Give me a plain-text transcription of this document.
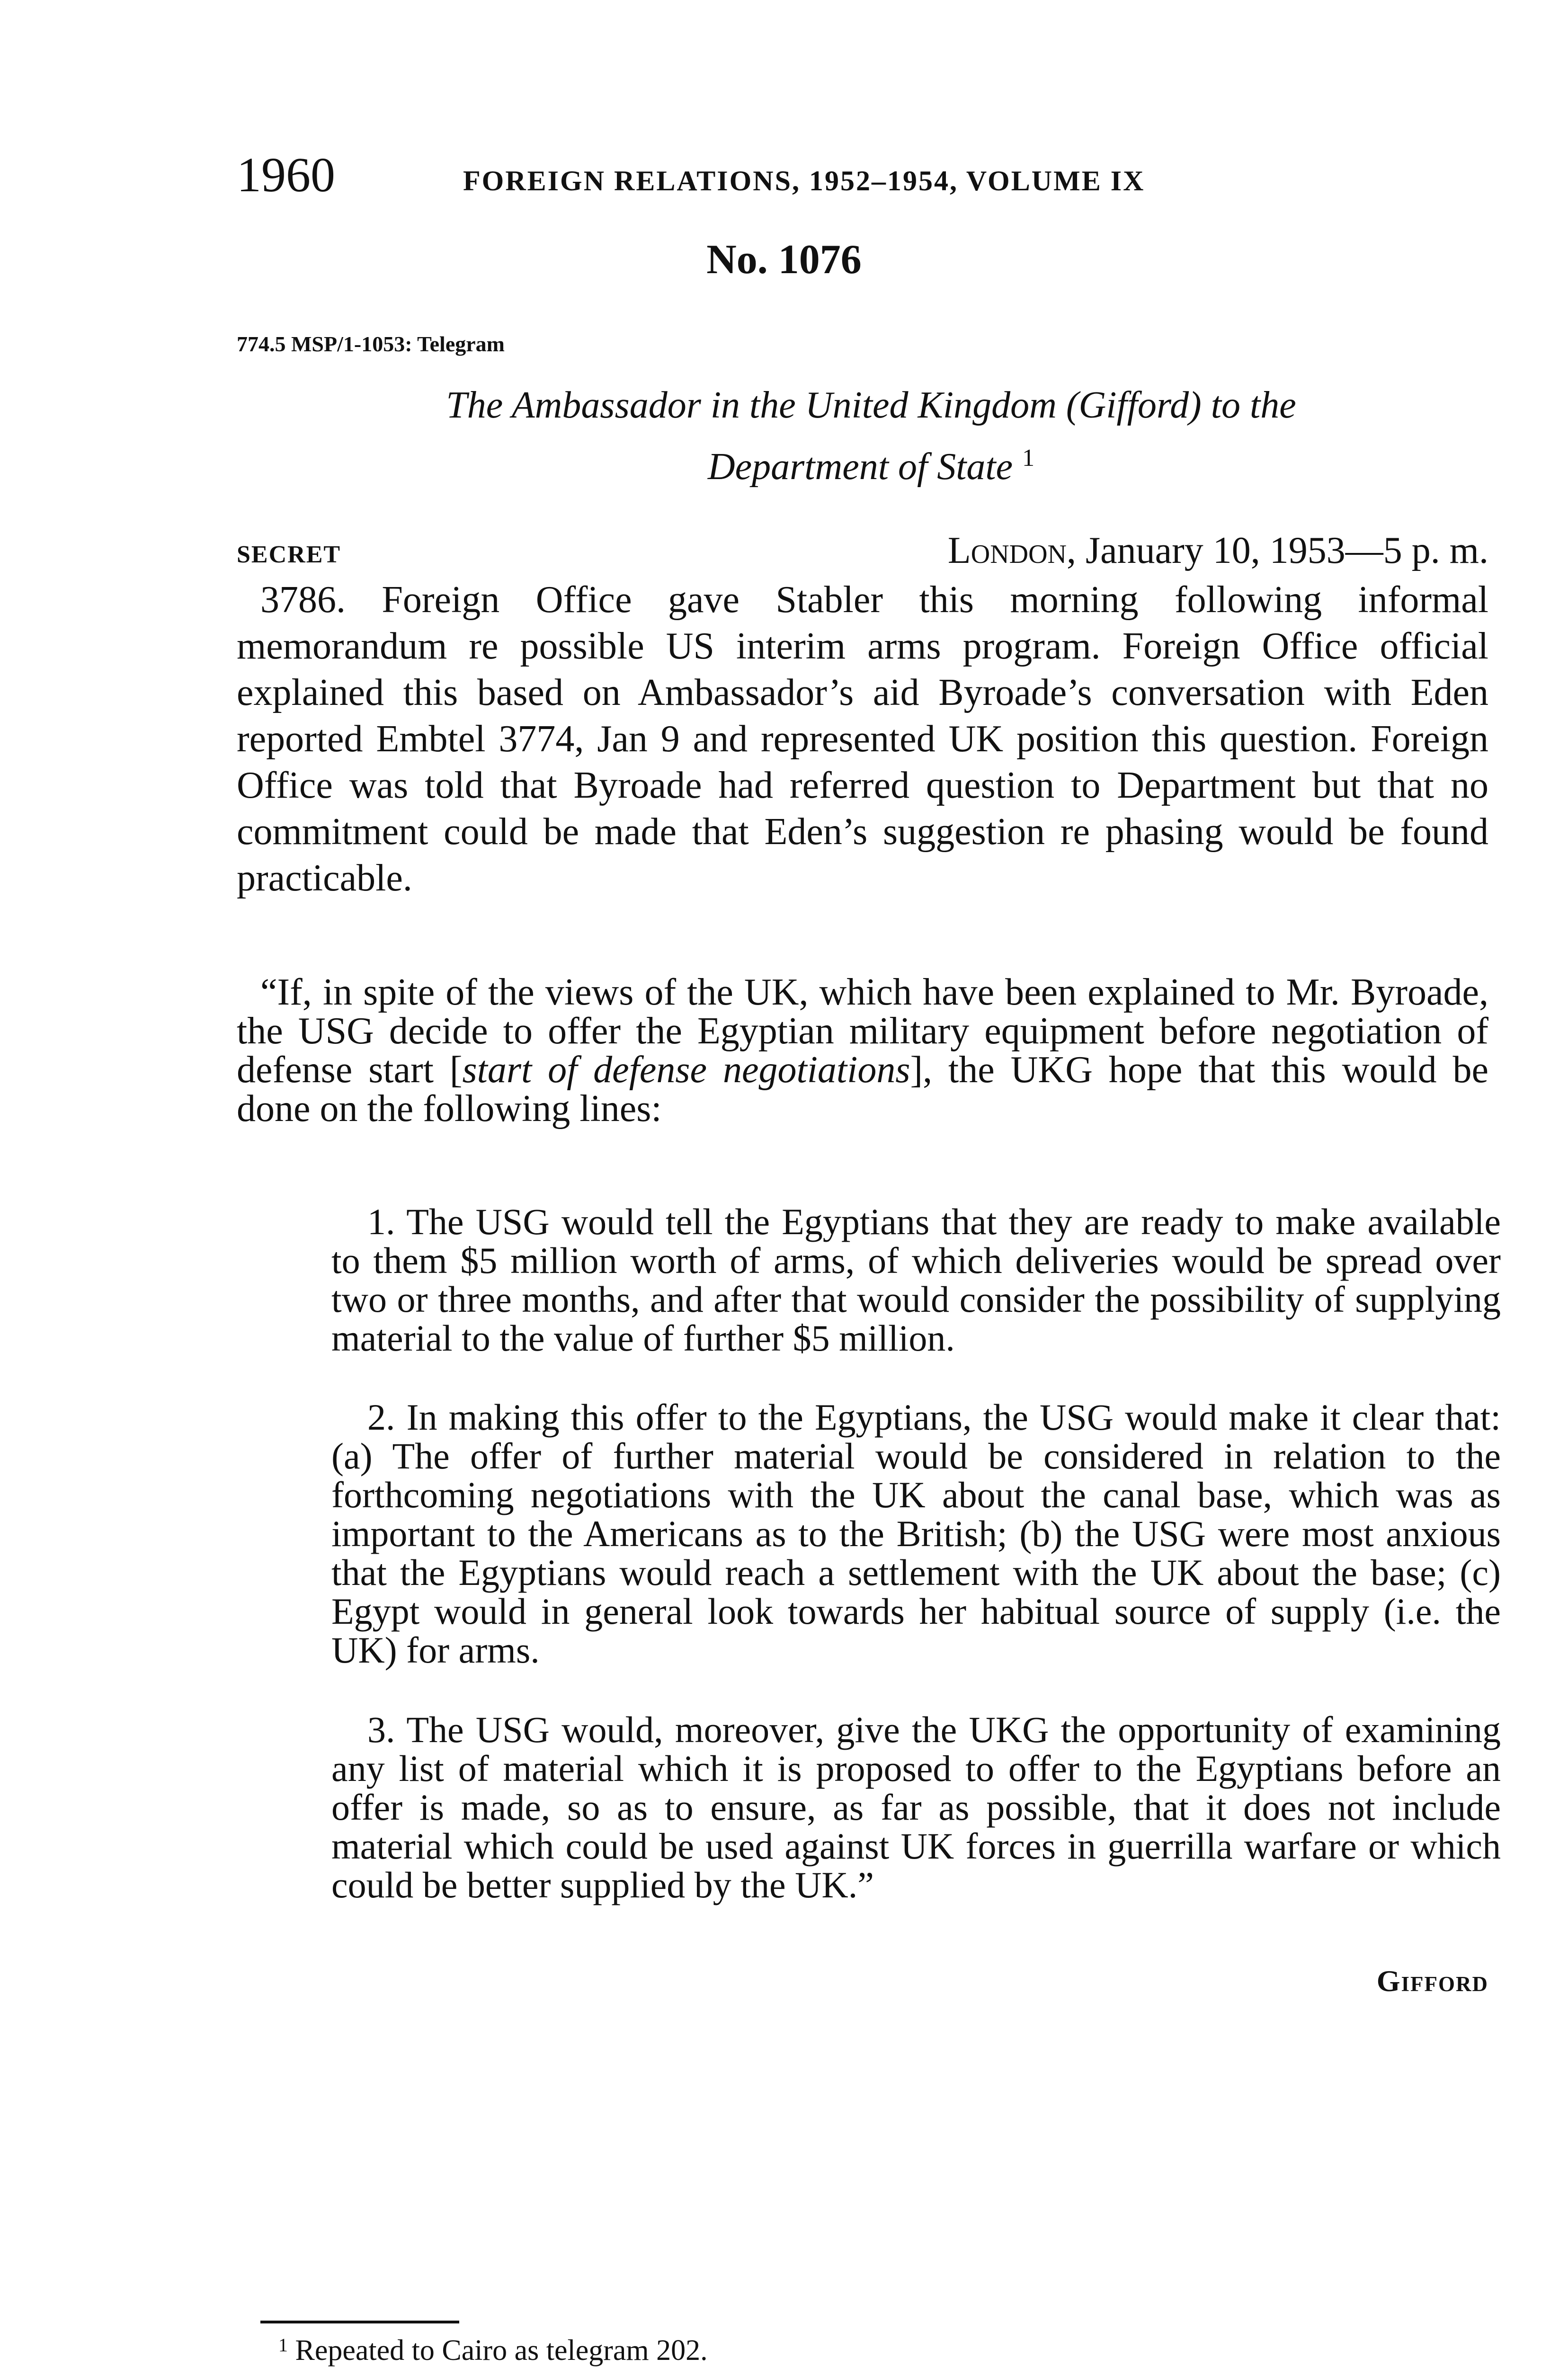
1960	FOREIGN RELATIONS, 1952–1954, VOLUME IX
No. 1076
774.5 MSP/1-1053: Telegram
The Ambassador in the United Kingdom (Gifford) to the
Department of State $^1$
SECRET	London, January 10, 1953—5 p. m.
3786. Foreign Office gave Stabler this morning following informal memorandum re possible US interim arms program. Foreign Office official explained this based on Ambassador’s aid Byroade’s conversation with Eden reported Embtel 3774, Jan 9 and represented UK position this question. Foreign Office was told that Byroade had referred question to Department but that no commitment could be made that Eden’s suggestion re phasing would be found practicable.
“If, in spite of the views of the UK, which have been explained to Mr. Byroade, the USG decide to offer the Egyptian military equipment before negotiation of defense start [start of defense negotiations], the UKG hope that this would be done on the following lines:
1. The USG would tell the Egyptians that they are ready to make available to them $5 million worth of arms, of which deliveries would be spread over two or three months, and after that would consider the possibility of supplying material to the value of further $5 million.
2. In making this offer to the Egyptians, the USG would make it clear that: (a) The offer of further material would be considered in relation to the forthcoming negotiations with the UK about the canal base, which was as important to the Americans as to the British; (b) the USG were most anxious that the Egyptians would reach a settlement with the UK about the base; (c) Egypt would in general look towards her habitual source of supply (i.e. the UK) for arms.
3. The USG would, moreover, give the UKG the opportunity of examining any list of material which it is proposed to offer to the Egyptians before an offer is made, so as to ensure, as far as possible, that it does not include material which could be used against UK forces in guerrilla warfare or which could be better supplied by the UK.”
Gifford
$^1$ Repeated to Cairo as telegram 202.
